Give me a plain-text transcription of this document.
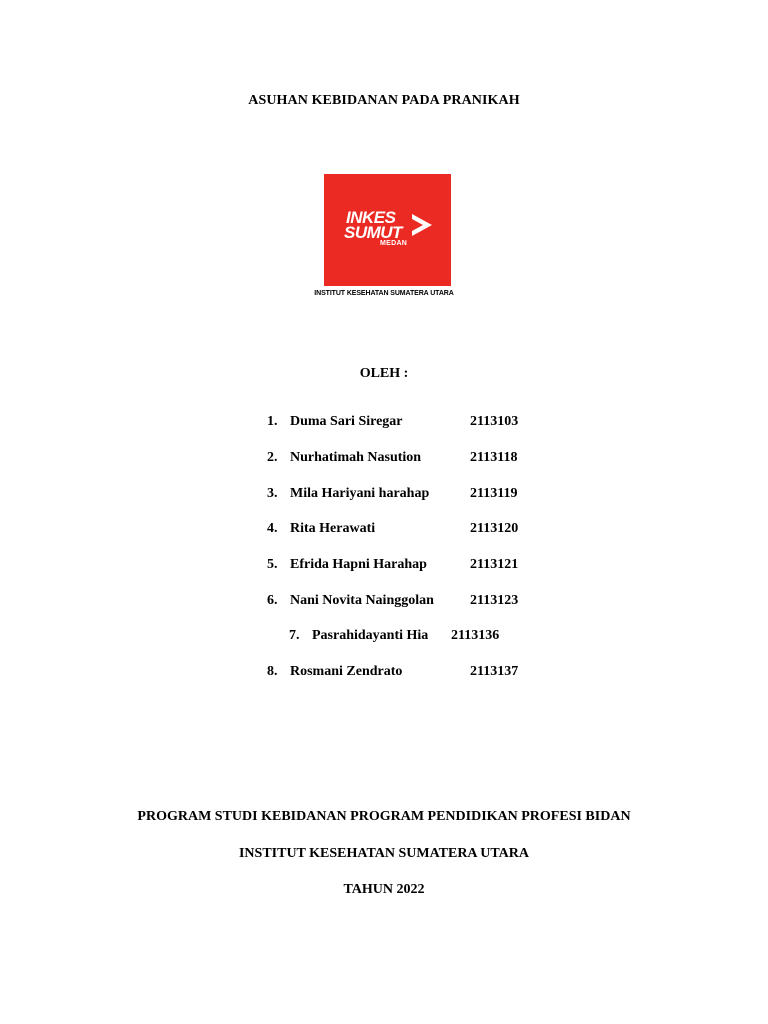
ASUHAN KEBIDANAN PADA PRANIKAH
INKES
SUMUT
MEDAN
INSTITUT KESEHATAN SUMATERA UTARA
OLEH :
1. Duma Sari Siregar	2113103
2. Nurhatimah Nasution	2113118
3. Mila Hariyani harahap	2113119
4. Rita Herawati	2113120
5. Efrida Hapni Harahap	2113121
6. Nani Novita Nainggolan	2113123
7. Pasrahidayanti Hia 2113136
8. Rosmani Zendrato	2113137
PROGRAM STUDI KEBIDANAN PROGRAM PENDIDIKAN PROFESI BIDAN
INSTITUT KESEHATAN SUMATERA UTARA
TAHUN 2022
